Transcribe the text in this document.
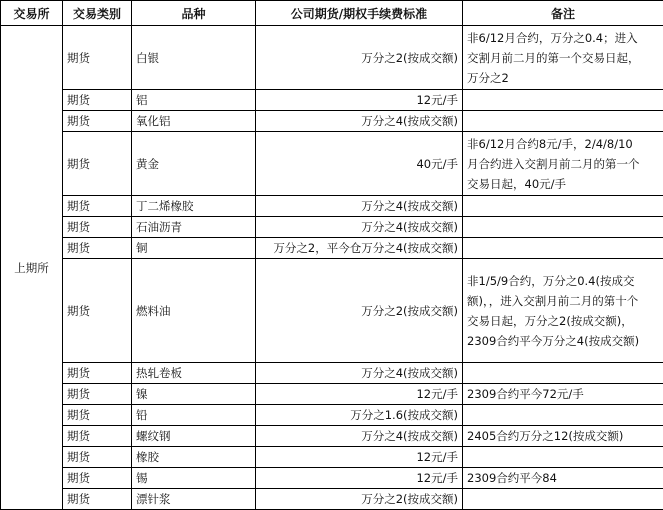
交易所	交易类别	品种	公司期货/期权手续费标准	备注
上期所	期货	白银	万分之2(按成交额)	非6/12月合约，万分之0.4；进入
交割月前二月的第一个交易日起，
万分之2

	期货	铝	12元/手	
	期货	氧化铝	万分之4(按成交额)	
	期货	黄金	40元/手	非6/12月合约8元/手，2/4/8/10
月合约进入交割月前二月的第一个
交易日起，40元/手

	期货	丁二烯橡胶	万分之4(按成交额)	
	期货	石油沥青	万分之4(按成交额)	
	期货	铜	万分之2，平今仓万分之4(按成交额)	
	期货	燃料油	万分之2(按成交额)	非1/5/9合约，万分之0.4(按成交
额)，，进入交割月前二月的第十个
交易日起，万分之2(按成交额)，
2309合约平今万分之4(按成交额)

	期货	热轧卷板	万分之4(按成交额)	
	期货	镍	12元/手	2309合约平今72元/手

	期货	铅	万分之1.6(按成交额)	
	期货	螺纹钢	万分之4(按成交额)	2405合约万分之12(按成交额)

	期货	橡胶	12元/手	
	期货	锡	12元/手	2309合约平今84

	期货	漂针浆	万分之2(按成交额)	
